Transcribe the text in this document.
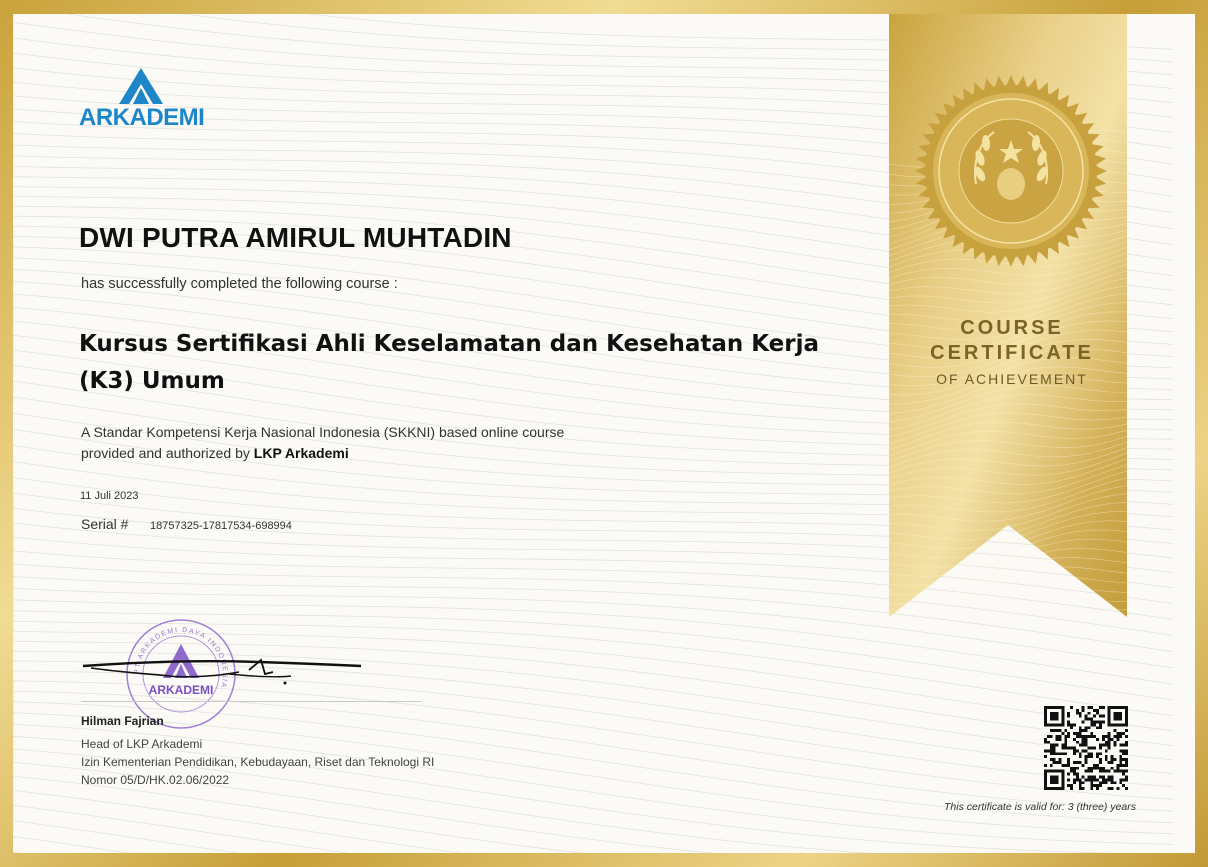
ARKADEMI
DWI PUTRA AMIRUL MUHTADIN
has successfully completed the following course :
Kursus Sertifikasi Ahli Keselamatan dan Kesehatan Kerja (K3) Umum
A Standar Kompetensi Kerja Nasional Indonesia (SKKNI) based online course
provided and authorized by LKP Arkademi
11 Juli 2023
Serial # 18757325-17817534-698994
PT ARKADEMI DAYA INDONESIA
ARKADEMI
Hilman Fajrian
Head of LKP Arkademi
Izin Kementerian Pendidikan, Kebudayaan, Riset dan Teknologi RI
Nomor 05/D/HK.02.06/2022
COURSE
CERTIFICATE
OF ACHIEVEMENT
This certificate is valid for: 3 (three) years
